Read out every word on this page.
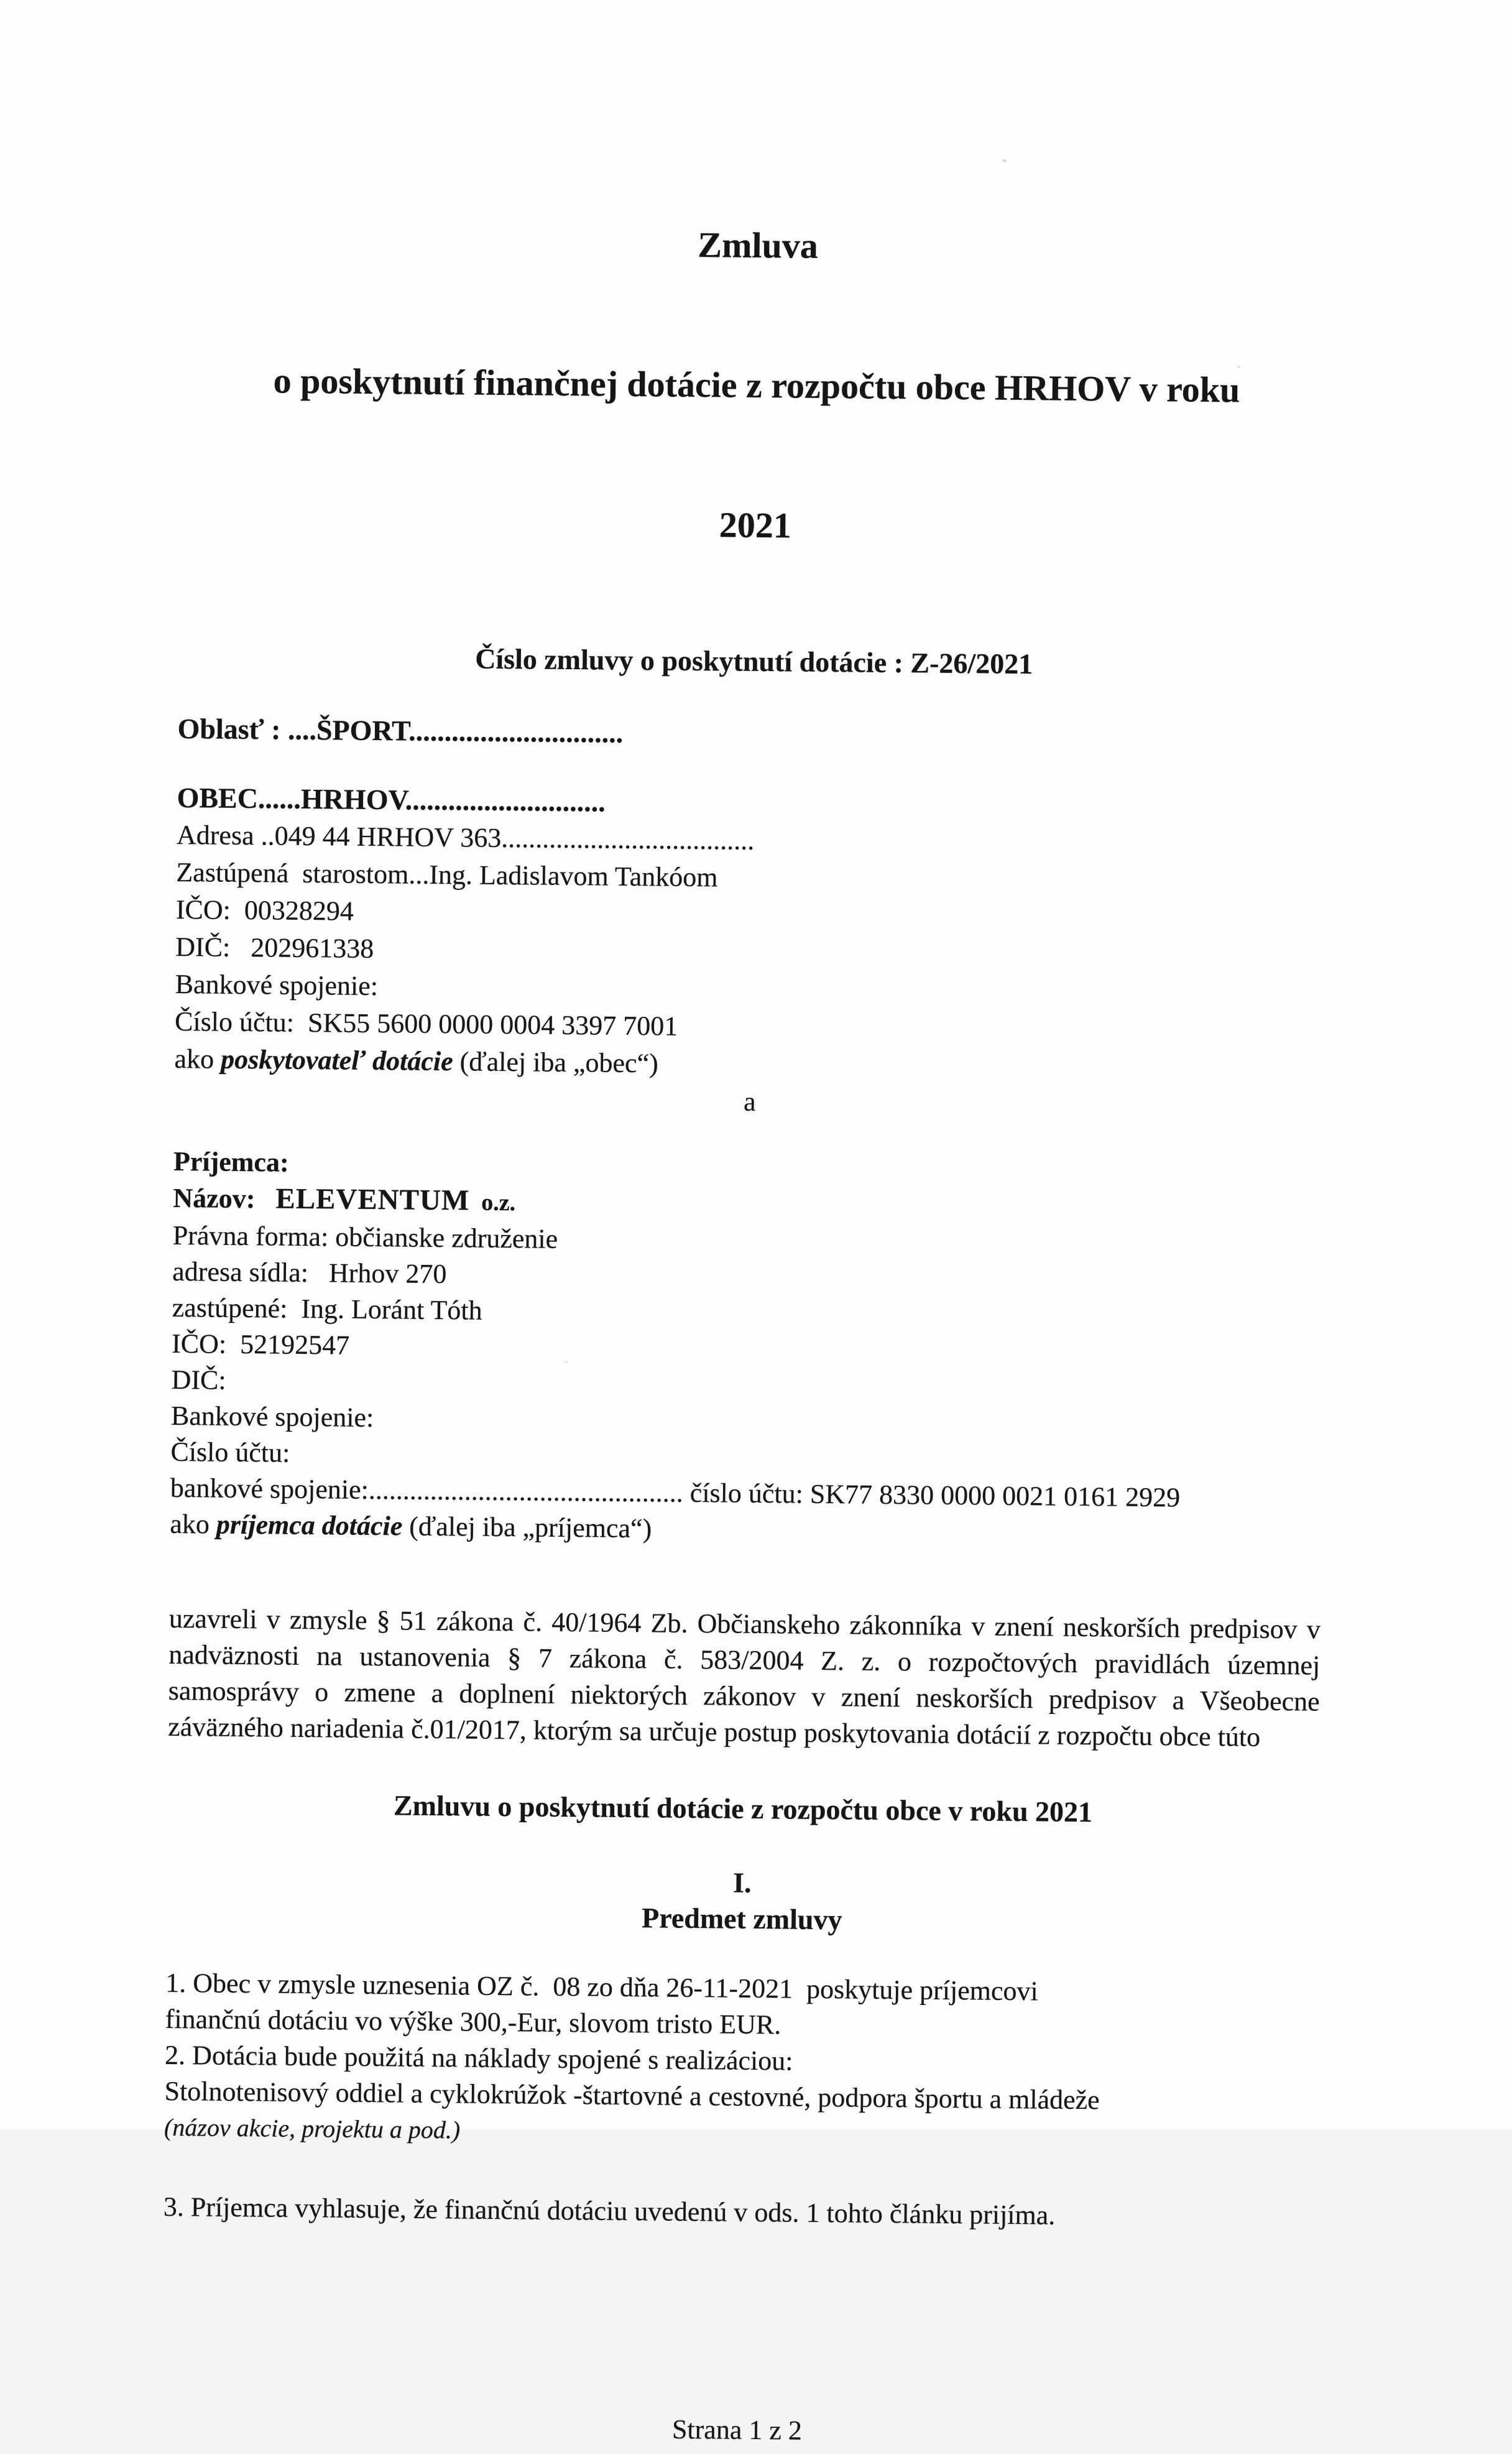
Zmluva

o poskytnutí finančnej dotácie z rozpočtu obce HRHOV v roku

2021

Číslo zmluvy o poskytnutí dotácie : Z-26/2021
Oblasť : ....ŠPORT..............................
OBEC......HRHOV............................
Adresa ..049 44 HRHOV 363.....................................
Zastúpená  starostom...Ing. Ladislavom Tankóom
IČO:  00328294
DIČ:   202961338
Bankové spojenie:
Číslo účtu:  SK55 5600 0000 0004 3397 7001
ako poskytovateľ dotácie (ďalej iba „obec“)
a
Príjemca:
Názov:   ELEVENTUM  o.z.
Právna forma: občianske združenie
adresa sídla:   Hrhov 270
zastúpené:  Ing. Loránt Tóth
IČO:  52192547
DIČ:
Bankové spojenie:
Číslo účtu:
bankové spojenie:.............................................. číslo účtu: SK77 8330 0000 0021 0161 2929
ako príjemca dotácie (ďalej iba „príjemca“)
uzavreli v zmysle § 51 zákona č. 40/1964 Zb. Občianskeho zákonníka v znení neskorších predpisov v nadväznosti na ustanovenia § 7 zákona č. 583/2004 Z. z. o rozpočtových pravidlách územnej samosprávy o zmene a doplnení niektorých zákonov v znení neskorších predpisov a Všeobecne záväzného nariadenia č.01/2017, ktorým sa určuje postup poskytovania dotácií z rozpočtu obce túto
Zmluvu o poskytnutí dotácie z rozpočtu obce v roku 2021
I.
Predmet zmluvy
1. Obec v zmysle uznesenia OZ č.  08 zo dňa 26-11-2021  poskytuje príjemcovi
finančnú dotáciu vo výške 300,-Eur, slovom tristo EUR.
2. Dotácia bude použitá na náklady spojené s realizáciou:
Stolnotenisový oddiel a cyklokrúžok -štartovné a cestovné, podpora športu a mládeže
(názov akcie, projektu a pod.)
3. Príjemca vyhlasuje, že finančnú dotáciu uvedenú v ods. 1 tohto článku prijíma.
Strana 1 z 2
